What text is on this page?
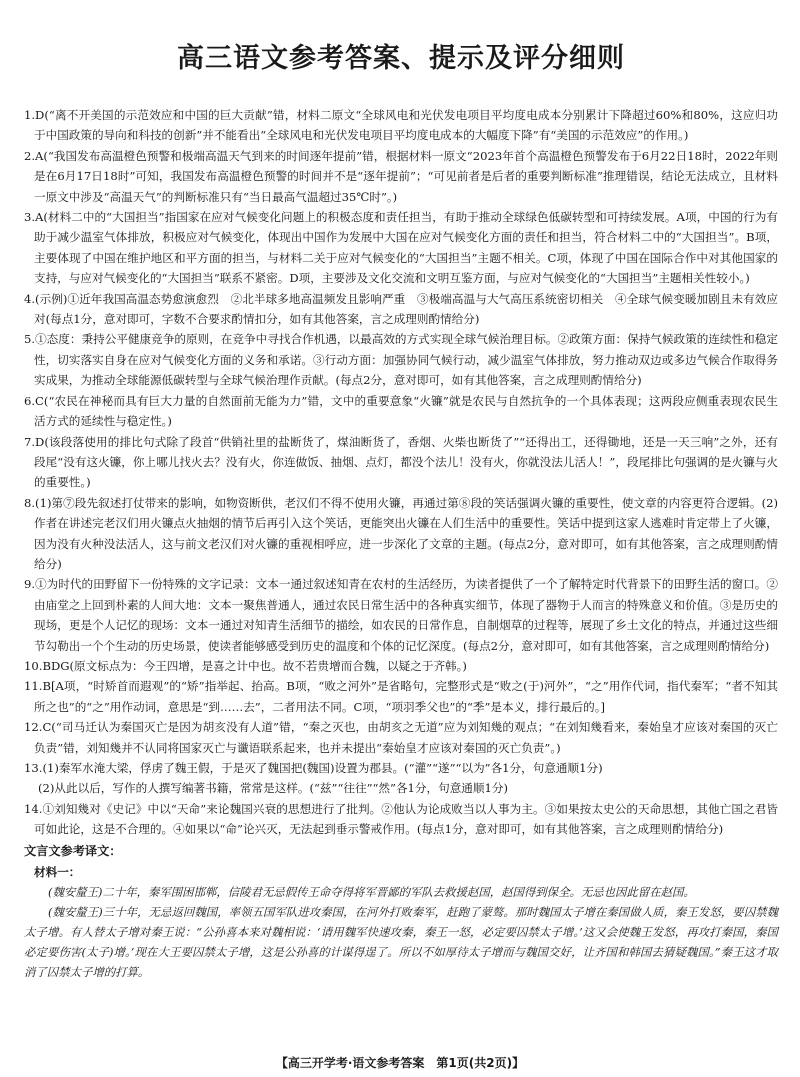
高三语文参考答案、提示及评分细则

1.D(“离不开美国的示范效应和中国的巨大贡献”错，材料二原文“全球风电和光伏发电项目平均度电成本分别累计下降超过60%和80%，这应归功于中国政策的导向和科技的创新”并不能看出“全球风电和光伏发电项目平均度电成本的大幅度下降”有“美国的示范效应”的作用。)

2.A(“我国发布高温橙色预警和极端高温天气到来的时间逐年提前”错，根据材料一原文“2023年首个高温橙色预警发布于6月22日18时，2022年则是在6月17日18时”可知，我国发布高温橙色预警的时间并不是“逐年提前”；“可见前者是后者的重要判断标准”推理错误，结论无法成立，且材料一原文中涉及“高温天气”的判断标准只有“当日最高气温超过35℃时”。)

3.A(材料二中的“大国担当”指国家在应对气候变化问题上的积极态度和责任担当，有助于推动全球绿色低碳转型和可持续发展。A项，中国的行为有助于减少温室气体排放，积极应对气候变化，体现出中国作为发展中大国在应对气候变化方面的责任和担当，符合材料二中的“大国担当”。B项，主要体现了中国在维护地区和平方面的担当，与材料二关于应对气候变化的“大国担当”主题不相关。C项，体现了中国在国际合作中对其他国家的支持，与应对气候变化的“大国担当”联系不紧密。D项，主要涉及文化交流和文明互鉴方面，与应对气候变化的“大国担当”主题相关性较小。)

4.(示例)①近年我国高温态势愈演愈烈　②北半球多地高温频发且影响严重　③极端高温与大气高压系统密切相关　④全球气候变暖加剧且未有效应对(每点1分，意对即可，字数不合要求酌情扣分，如有其他答案，言之成理则酌情给分)

5.①态度：秉持公平健康竞争的原则，在竞争中寻找合作机遇，以最高效的方式实现全球气候治理目标。②政策方面：保持气候政策的连续性和稳定性，切实落实自身在应对气候变化方面的义务和承诺。③行动方面：加强协同气候行动，减少温室气体排放，努力推动双边或多边气候合作取得务实成果，为推动全球能源低碳转型与全球气候治理作贡献。(每点2分，意对即可，如有其他答案，言之成理则酌情给分)

6.C(“农民在神秘而具有巨大力量的自然面前无能为力”错，文中的重要意象“火镰”就是农民与自然抗争的一个具体表现；这两段应侧重表现农民生活方式的延续性与稳定性。)

7.D(该段落使用的排比句式除了段首“供销社里的盐断货了，煤油断货了，香烟、火柴也断货了”“还得出工，还得锄地，还是一天三响”之外，还有段尾“没有这火镰，你上哪儿找火去？没有火，你连做饭、抽烟、点灯，都没个法儿！没有火，你就没法儿活人！”，段尾排比句强调的是火镰与火的重要性。)

8.(1)第⑦段先叙述打仗带来的影响，如物资断供，老汉们不得不使用火镰，再通过第⑧段的笑话强调火镰的重要性，使文章的内容更符合逻辑。(2)作者在讲述完老汉们用火镰点火抽烟的情节后再引入这个笑话，更能突出火镰在人们生活中的重要性。笑话中提到这家人逃难时肯定带上了火镰，因为没有火种没法活人，这与前文老汉们对火镰的重视相呼应，进一步深化了文章的主题。(每点2分，意对即可，如有其他答案，言之成理则酌情给分)

9.①为时代的田野留下一份特殊的文字记录：文本一通过叙述知青在农村的生活经历，为读者提供了一个了解特定时代背景下的田野生活的窗口。②由庙堂之上回到朴素的人间大地：文本一聚焦普通人，通过农民日常生活中的各种真实细节，体现了器物于人而言的特殊意义和价值。③是历史的现场，更是个人记忆的现场：文本一通过对知青生活细节的描绘，如农民的日常作息，自制烟草的过程等，展现了乡土文化的特点，并通过这些细节勾勒出一个个生动的历史场景，使读者能够感受到历史的温度和个体的记忆深度。(每点2分，意对即可，如有其他答案，言之成理则酌情给分)

10.BDG(原文标点为：今王四增，是喜之计中也。故不若贵增而合魏，以疑之于齐韩。)

11.B[A项，“时矫首而遐观”的“矫”指举起、抬高。B项，“败之河外”是省略句，完整形式是“败之(于)河外”，“之”用作代词，指代秦军；“者不知其所之也”的“之”用作动词，意思是“到……去”，二者用法不同。C项，“项羽季父也”的“季”是本义，排行最后的。]

12.C(“司马迁认为秦国灭亡是因为胡亥没有人道”错，“秦之灭也，由胡亥之无道”应为刘知幾的观点；“在刘知幾看来，秦始皇才应该对秦国的灭亡负责”错，刘知幾并不认同将国家灭亡与谶语联系起来，也并未提出“秦始皇才应该对秦国的灭亡负责”。)

13.(1)秦军水淹大梁，俘虏了魏王假，于是灭了魏国把(魏国)设置为郡县。(“灌”“遂”“以为”各1分，句意通顺1分)

(2)从此以后，写作的人撰写编著书籍，常常是这样。(“兹”“往往”“然”各1分，句意通顺1分)

14.①刘知幾对《史记》中以“天命”来论魏国兴衰的思想进行了批判。②他认为论成败当以人事为主。③如果按太史公的天命思想，其他亡国之君皆可如此论，这是不合理的。④如果以“命”论兴灭，无法起到垂示警戒作用。(每点1分，意对即可，如有其他答案，言之成理则酌情给分)

文言文参考译文：
材料一：

(魏安釐王)二十年，秦军围困邯郸，信陵君无忌假传王命夺得将军晋鄙的军队去救援赵国，赵国得到保全。无忌也因此留在赵国。

(魏安釐王)三十年，无忌返回魏国，率领五国军队进攻秦国，在河外打败秦军，赶跑了蒙骜。那时魏国太子增在秦国做人质，秦王发怒，要囚禁魏太子增。有人替太子增对秦王说：“公孙喜本来对魏相说：‘请用魏军快速攻秦，秦王一怒，必定要囚禁太子增。’这又会使魏王发怒，再攻打秦国，秦国必定要伤害(太子)增。’现在大王要囚禁太子增，这是公孙喜的计谋得逞了。所以不如厚待太子增而与魏国交好，让齐国和韩国去猜疑魏国。”秦王这才取消了囚禁太子增的打算。

【高三开学考·语文参考答案　第1页(共2页)】
